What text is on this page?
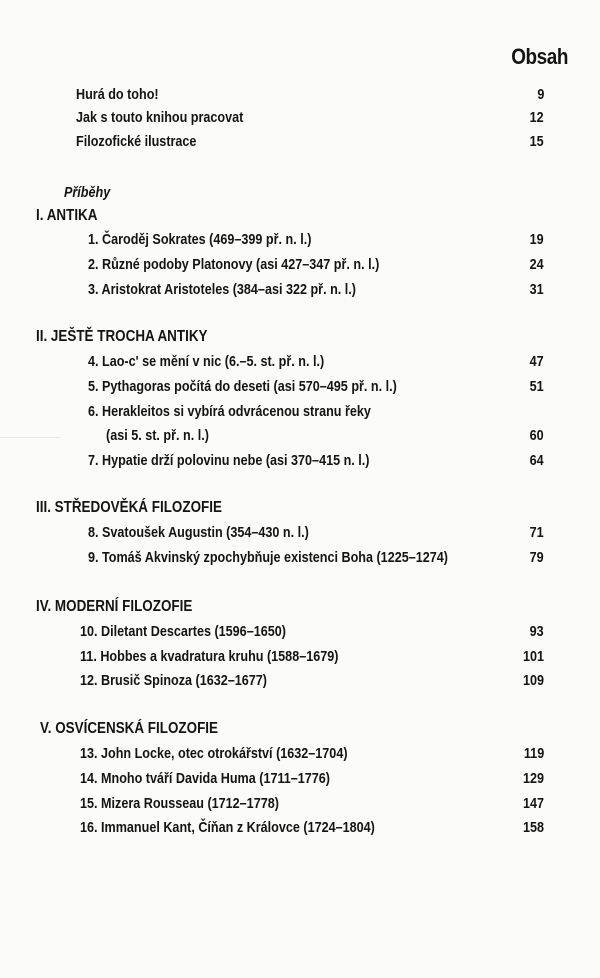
Obsah
Hurá do toho!	9
Jak s touto knihou pracovat	12
Filozofické ilustrace	15
Příběhy
I. ANTIKA
1. Čaroděj Sokrates (469–399 př. n. l.)	19
2. Různé podoby Platonovy (asi 427–347 př. n. l.)	24
3. Aristokrat Aristoteles (384–asi 322 př. n. l.)	31
II. JEŠTĚ TROCHA ANTIKY
4. Lao-c' se mění v nic (6.–5. st. př. n. l.)	47
5. Pythagoras počítá do deseti (asi 570–495 př. n. l.)	51
6. Herakleitos si vybírá odvrácenou stranu řeky
(asi 5. st. př. n. l.)	60
7. Hypatie drží polovinu nebe (asi 370–415 n. l.)	64
III. STŘEDOVĚKÁ FILOZOFIE
8. Svatoušek Augustin (354–430 n. l.)	71
9. Tomáš Akvinský zpochybňuje existenci Boha (1225–1274)	79
IV. MODERNÍ FILOZOFIE
10. Diletant Descartes (1596–1650)	93
11. Hobbes a kvadratura kruhu (1588–1679)	101
12. Brusič Spinoza (1632–1677)	109
V. OSVÍCENSKÁ FILOZOFIE
13. John Locke, otec otrokářství (1632–1704)	119
14. Mnoho tváří Davida Huma (1711–1776)	129
15. Mizera Rousseau (1712–1778)	147
16. Immanuel Kant, Číňan z Královce (1724–1804)	158
